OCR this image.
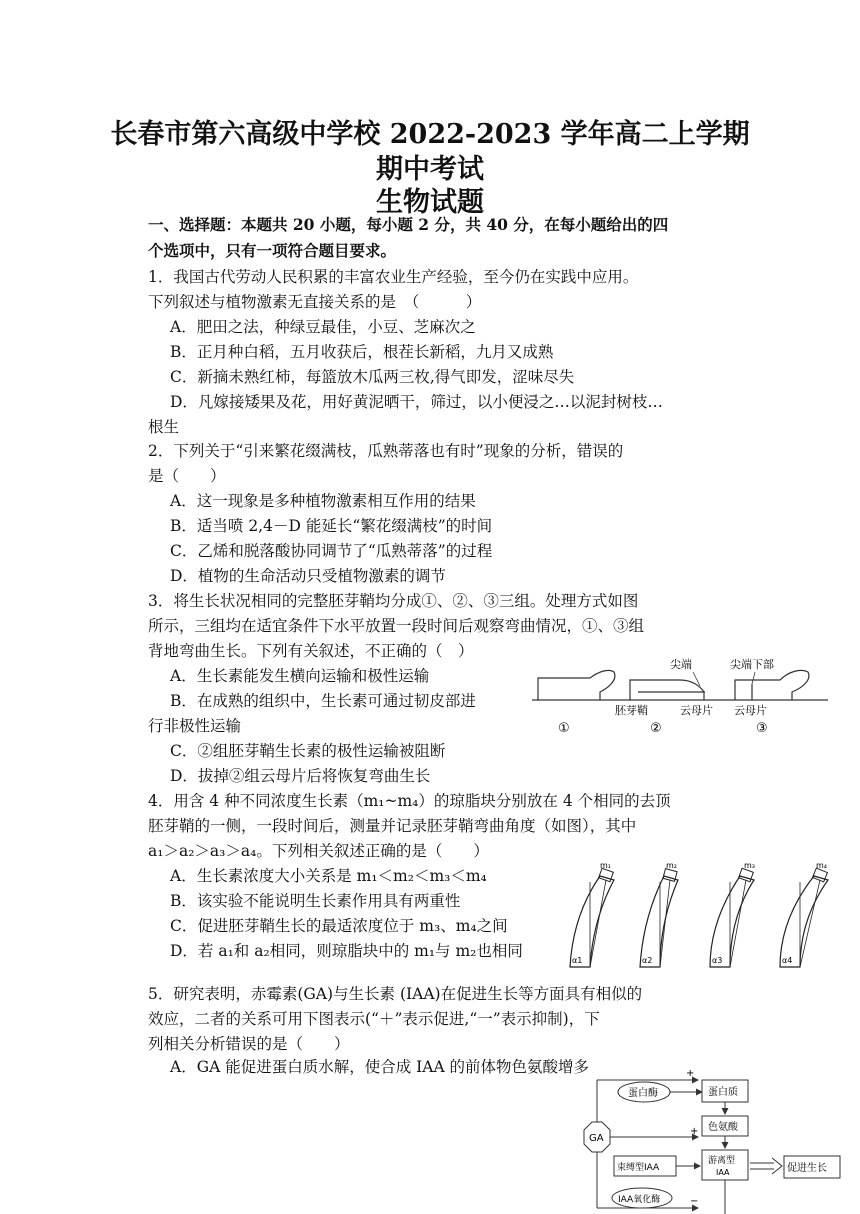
长春市第六高级中学校 2022-2023 学年高二上学期
期中考试
生物试题
一、选择题：本题共 20 小题，每小题 2 分，共 40 分，在每小题给出的四
个选项中，只有一项符合题目要求。
1．我国古代劳动人民积累的丰富农业生产经验，至今仍在实践中应用。
下列叙述与植物激素无直接关系的是　（　　　）
A．肥田之法，种绿豆最佳，小豆、芝麻次之
B．正月种白稻，五月收获后，根茬长新稻，九月又成熟
C．新摘未熟红柿，每篮放木瓜两三枚,得气即发，涩味尽失
D．凡嫁接矮果及花，用好黄泥晒干，筛过，以小便浸之…以泥封树枝…
根生
2．下列关于“引来繁花缀满枝，瓜熟蒂落也有时”现象的分析，错误的
是（　　）
A．这一现象是多种植物激素相互作用的结果
B．适当喷 2,4－D 能延长“繁花缀满枝”的时间
C．乙烯和脱落酸协同调节了“瓜熟蒂落”的过程
D．植物的生命活动只受植物激素的调节
3．将生长状况相同的完整胚芽鞘均分成①、②、③三组。处理方式如图
所示，三组均在适宜条件下水平放置一段时间后观察弯曲情况，①、③组
背地弯曲生长。下列有关叙述，不正确的（　）
A．生长素能发生横向运输和极性运输
B．在成熟的组织中，生长素可通过韧皮部进
行非极性运输
C．②组胚芽鞘生长素的极性运输被阻断
D．拔掉②组云母片后将恢复弯曲生长
尖端	尖端下部
胚芽鞘	云母片 云母片
①	②	③
4．用含 4 种不同浓度生长素（m₁~m₄）的琼脂块分别放在 4 个相同的去顶
胚芽鞘的一侧，一段时间后，测量并记录胚芽鞘弯曲角度（如图），其中
a₁＞a₂＞a₃＞a₄。下列相关叙述正确的是（　　）
A．生长素浓度大小关系是 m₁＜m₂＜m₃＜m₄
B．该实验不能说明生长素作用具有两重性
C．促进胚芽鞘生长的最适浓度位于 m₃、m₄之间
D．若 a₁和 a₂相同，则琼脂块中的 m₁与 m₂也相同
m₁
α1
m₂
α2
m₃
α3
m₄
α4
5．研究表明，赤霉素(GA)与生长素 (IAA)在促进生长等方面具有相似的
效应，二者的关系可用下图表示(“＋”表示促进,“一”表示抑制)，下
列相关分析错误的是（　　）
A．GA 能促进蛋白质水解，使合成 IAA 的前体物色氨酸增多
GA
蛋白酶	蛋白质
色氨酸
束缚型IAA
游离型
IAA	促进生长
IAA氧化酶
+
+
−
